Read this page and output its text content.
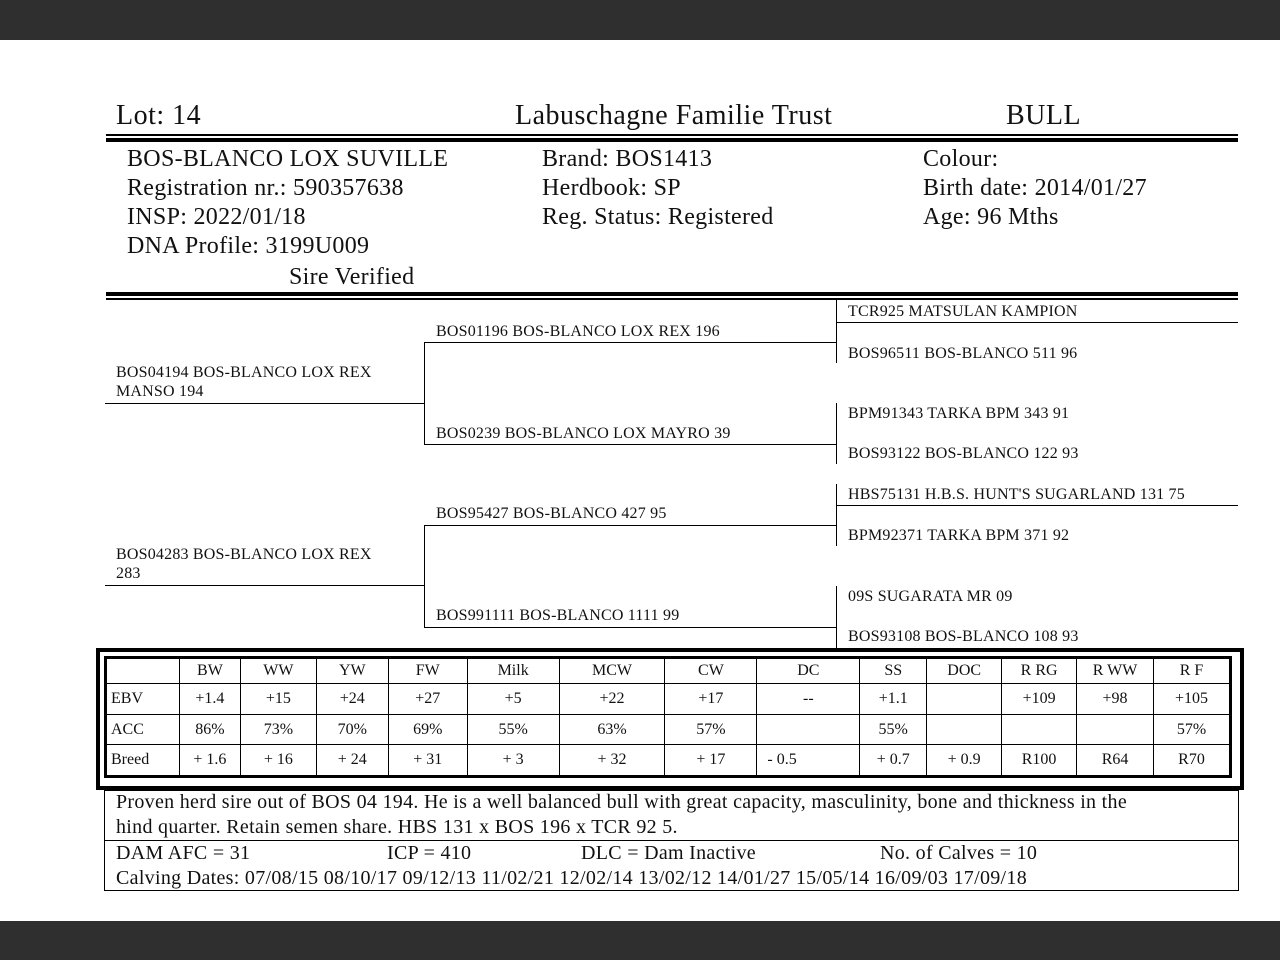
Lot: 14	Labuschagne Familie Trust	BULL
BOS-BLANCO LOX SUVILLE
Registration nr.: 590357638
INSP: 2022/01/18
DNA Profile: 3199U009
Sire Verified
Brand: BOS1413
Herdbook: SP
Reg. Status: Registered
Colour:
Birth date: 2014/01/27
Age: 96 Mths
BOS04194 BOS-BLANCO LOX REX
MANSO 194
BOS04283 BOS-BLANCO LOX REX
283
BOS01196 BOS-BLANCO LOX REX 196
BOS0239 BOS-BLANCO LOX MAYRO 39
BOS95427 BOS-BLANCO 427 95
BOS991111 BOS-BLANCO 1111 99
TCR925 MATSULAN KAMPION
BOS96511 BOS-BLANCO 511 96
BPM91343 TARKA BPM 343 91
BOS93122 BOS-BLANCO 122 93
HBS75131 H.B.S. HUNT'S SUGARLAND 131 75
BPM92371 TARKA BPM 371 92
09S SUGARATA MR 09
BOS93108 BOS-BLANCO 108 93
	BW	WW	YW	FW	Milk	MCW	CW	DC	SS	DOC	R RG	R WW	R F
EBV	+1.4	+15	+24	+27	+5	+22	+17	--	+1.1		+109	+98	+105
ACC	86%	73%	70%	69%	55%	63%	57%		55%				57%
Breed	+ 1.6	+ 16	+ 24	+ 31	+ 3	+ 32	+ 17	- 0.5	+ 0.7	+ 0.9	R100	R64	R70
Proven herd sire out of BOS 04 194. He is a well balanced bull with great capacity, masculinity, bone and thickness in the
hind quarter. Retain semen share. HBS 131 x BOS 196 x TCR 92 5.
DAM AFC = 31	ICP = 410	DLC = Dam Inactive	No. of Calves = 10
Calving Dates: 07/08/15 08/10/17 09/12/13 11/02/21 12/02/14 13/02/12 14/01/27 15/05/14 16/09/03 17/09/18
